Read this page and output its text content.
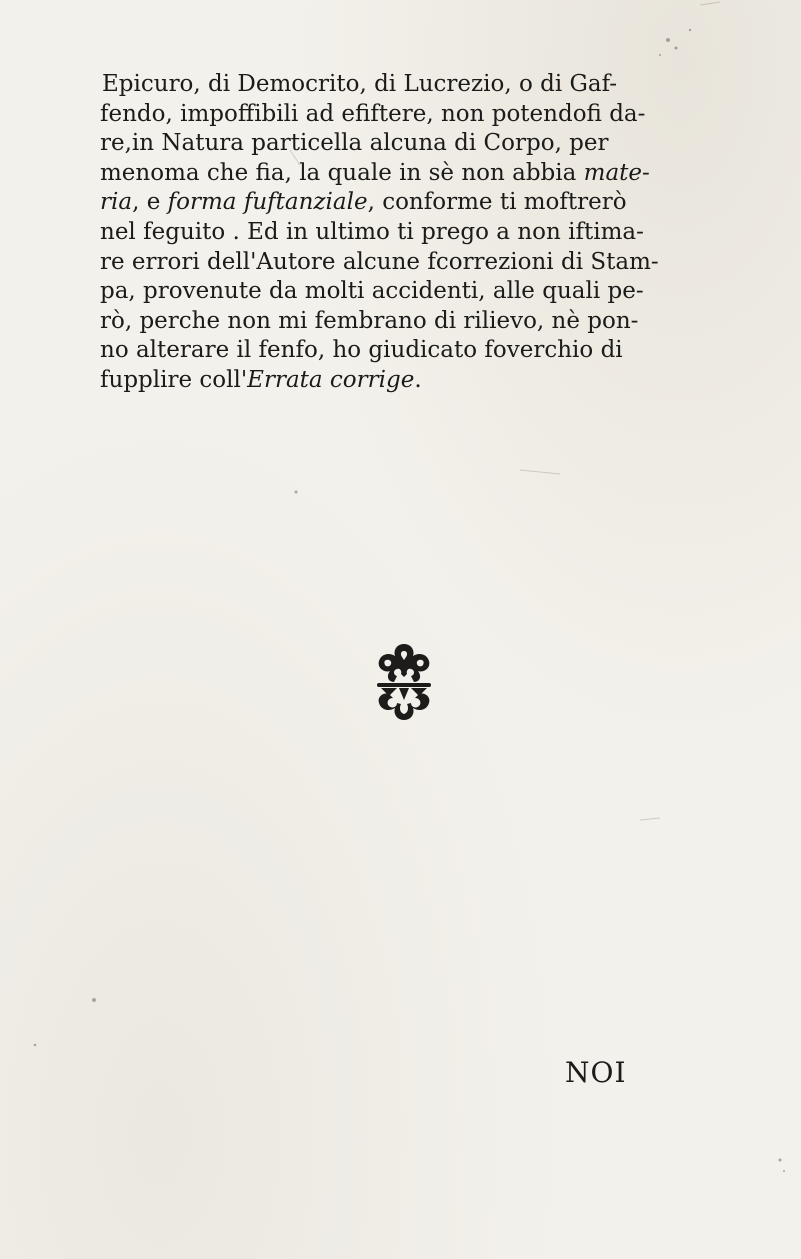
Epicuro, di Democrito, di Lucrezio, o di Gaf-
fendo, impoffibili ad efiftere, non potendofi da-
re,in Natura particella alcuna di Corpo, per
menoma che fia, la quale in sè non abbia mate-
ria, e forma fuftanziale, conforme ti moftrerò
nel feguito . Ed in ultimo ti prego a non iftima-
re errori dell'Autore alcune fcorrezioni di Stam-
pa, provenute da molti accidenti, alle quali pe-
rò, perche non mi fembrano di rilievo, nè pon-
no alterare il fenfo, ho giudicato foverchio di
fupplire coll'Errata corrige.
NOI
